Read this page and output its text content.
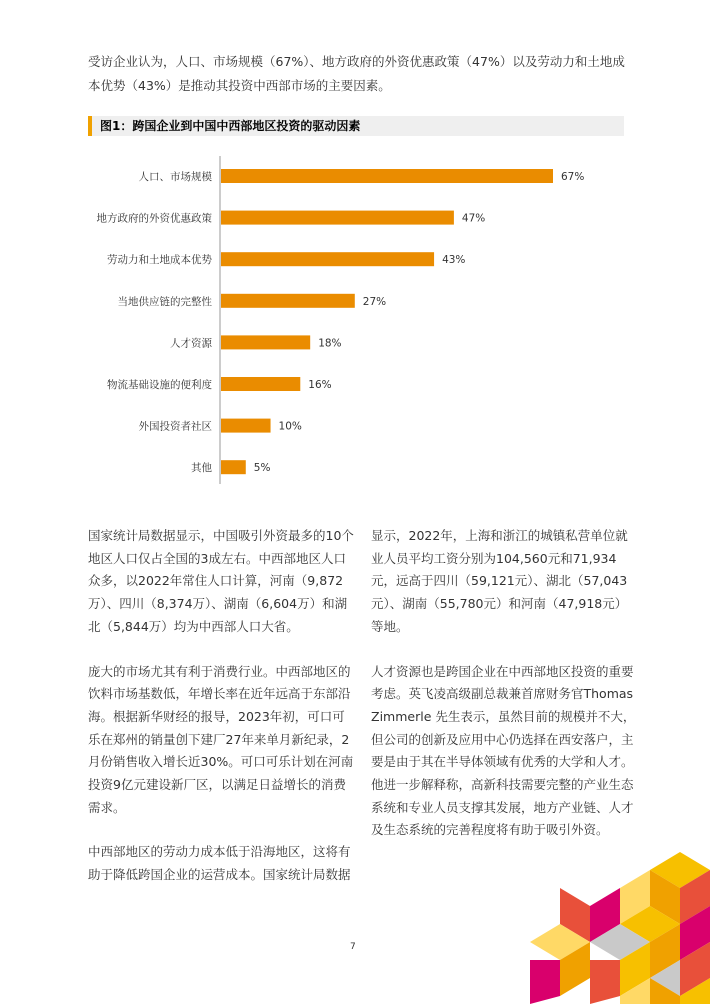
受访企业认为，人口、市场规模（67%）、地方政府的外资优惠政策（47%）以及劳动力和土地成本优势（43%）是推动其投资中西部市场的主要因素。

图1：跨国企业到中国中西部地区投资的驱动因素
人口、市场规模	67%
地方政府的外资优惠政策	47%
劳动力和土地成本优势	43%
当地供应链的完整性	27%
人才资源	18%
物流基础设施的便利度	16%
外国投资者社区	10%
其他	5%

国家统计局数据显示，中国吸引外资最多的10个地区人口仅占全国的3成左右。中西部地区人口众多，以2022年常住人口计算，河南（9,872万）、四川（8,374万）、湖南（6,604万）和湖北（5,844万）均为中西部人口大省。

庞大的市场尤其有利于消费行业。中西部地区的饮料市场基数低，年增长率在近年远高于东部沿海。根据新华财经的报导，2023年初，可口可乐在郑州的销量创下建厂27年来单月新纪录，2月份销售收入增长近30%。可口可乐计划在河南投资9亿元建设新厂区，以满足日益增长的消费需求。

中西部地区的劳动力成本低于沿海地区，这将有助于降低跨国企业的运营成本。国家统计局数据

显示，2022年，上海和浙江的城镇私营单位就业人员平均工资分别为104,560元和71,934元，远高于四川（59,121元）、湖北（57,043元）、湖南（55,780元）和河南（47,918元）等地。

人才资源也是跨国企业在中西部地区投资的重要考虑。英飞凌高级副总裁兼首席财务官Thomas Zimmerle 先生表示，虽然目前的规模并不大，但公司的创新及应用中心仍选择在西安落户，主要是由于其在半导体领域有优秀的大学和人才。他进一步解释称，高新科技需要完整的产业生态系统和专业人员支撑其发展，地方产业链、人才及生态系统的完善程度将有助于吸引外资。

7
